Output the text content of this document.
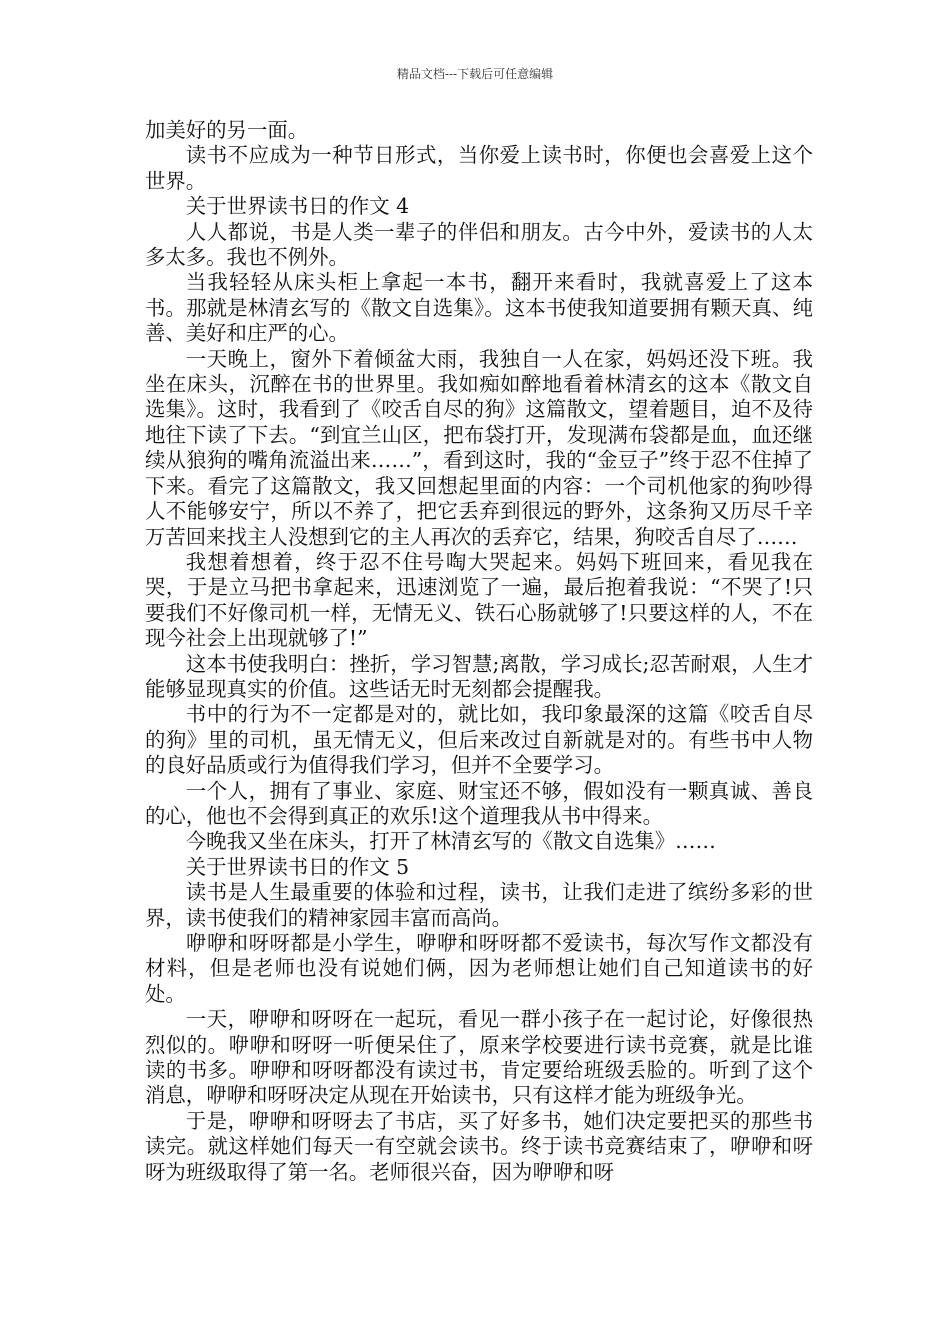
精品文档---下载后可任意编辑

加美好的另一面。

读书不应成为一种节日形式，当你爱上读书时，你便也会喜爱上这个世界。

关于世界读书日的作文 4

人人都说，书是人类一辈子的伴侣和朋友。古今中外，爱读书的人太多太多。我也不例外。

当我轻轻从床头柜上拿起一本书，翻开来看时，我就喜爱上了这本书。那就是林清玄写的《散文自选集》。这本书使我知道要拥有颗天真、纯善、美好和庄严的心。

一天晚上，窗外下着倾盆大雨，我独自一人在家，妈妈还没下班。我坐在床头，沉醉在书的世界里。我如痴如醉地看着林清玄的这本《散文自选集》。这时，我看到了《咬舌自尽的狗》这篇散文，望着题目，迫不及待地往下读了下去。“到宜兰山区，把布袋打开，发现满布袋都是血，血还继续从狼狗的嘴角流溢出来……”，看到这时，我的“金豆子”终于忍不住掉了下来。看完了这篇散文，我又回想起里面的内容：一个司机他家的狗吵得人不能够安宁，所以不养了，把它丢弃到很远的野外，这条狗又历尽千辛万苦回来找主人没想到它的主人再次的丢弃它，结果，狗咬舌自尽了……

我想着想着，终于忍不住号啕大哭起来。妈妈下班回来，看见我在哭，于是立马把书拿起来，迅速浏览了一遍，最后抱着我说：“不哭了!只要我们不好像司机一样，无情无义、铁石心肠就够了!只要这样的人，不在现今社会上出现就够了!”

这本书使我明白：挫折，学习智慧;离散，学习成长;忍苦耐艰，人生才能够显现真实的价值。这些话无时无刻都会提醒我。

书中的行为不一定都是对的，就比如，我印象最深的这篇《咬舌自尽的狗》里的司机，虽无情无义，但后来改过自新就是对的。有些书中人物的良好品质或行为值得我们学习，但并不全要学习。

一个人，拥有了事业、家庭、财宝还不够，假如没有一颗真诚、善良的心，他也不会得到真正的欢乐!这个道理我从书中得来。

今晚我又坐在床头，打开了林清玄写的《散文自选集》……

关于世界读书日的作文 5

读书是人生最重要的体验和过程，读书，让我们走进了缤纷多彩的世界，读书使我们的精神家园丰富而高尚。

咿咿和呀呀都是小学生，咿咿和呀呀都不爱读书，每次写作文都没有材料，但是老师也没有说她们俩，因为老师想让她们自己知道读书的好处。

一天，咿咿和呀呀在一起玩，看见一群小孩子在一起讨论，好像很热烈似的。咿咿和呀呀一听便呆住了，原来学校要进行读书竞赛，就是比谁读的书多。咿咿和呀呀都没有读过书，肯定要给班级丢脸的。听到了这个消息，咿咿和呀呀决定从现在开始读书，只有这样才能为班级争光。

于是，咿咿和呀呀去了书店，买了好多书，她们决定要把买的那些书读完。就这样她们每天一有空就会读书。终于读书竞赛结束了，咿咿和呀呀为班级取得了第一名。老师很兴奋，因为咿咿和呀
